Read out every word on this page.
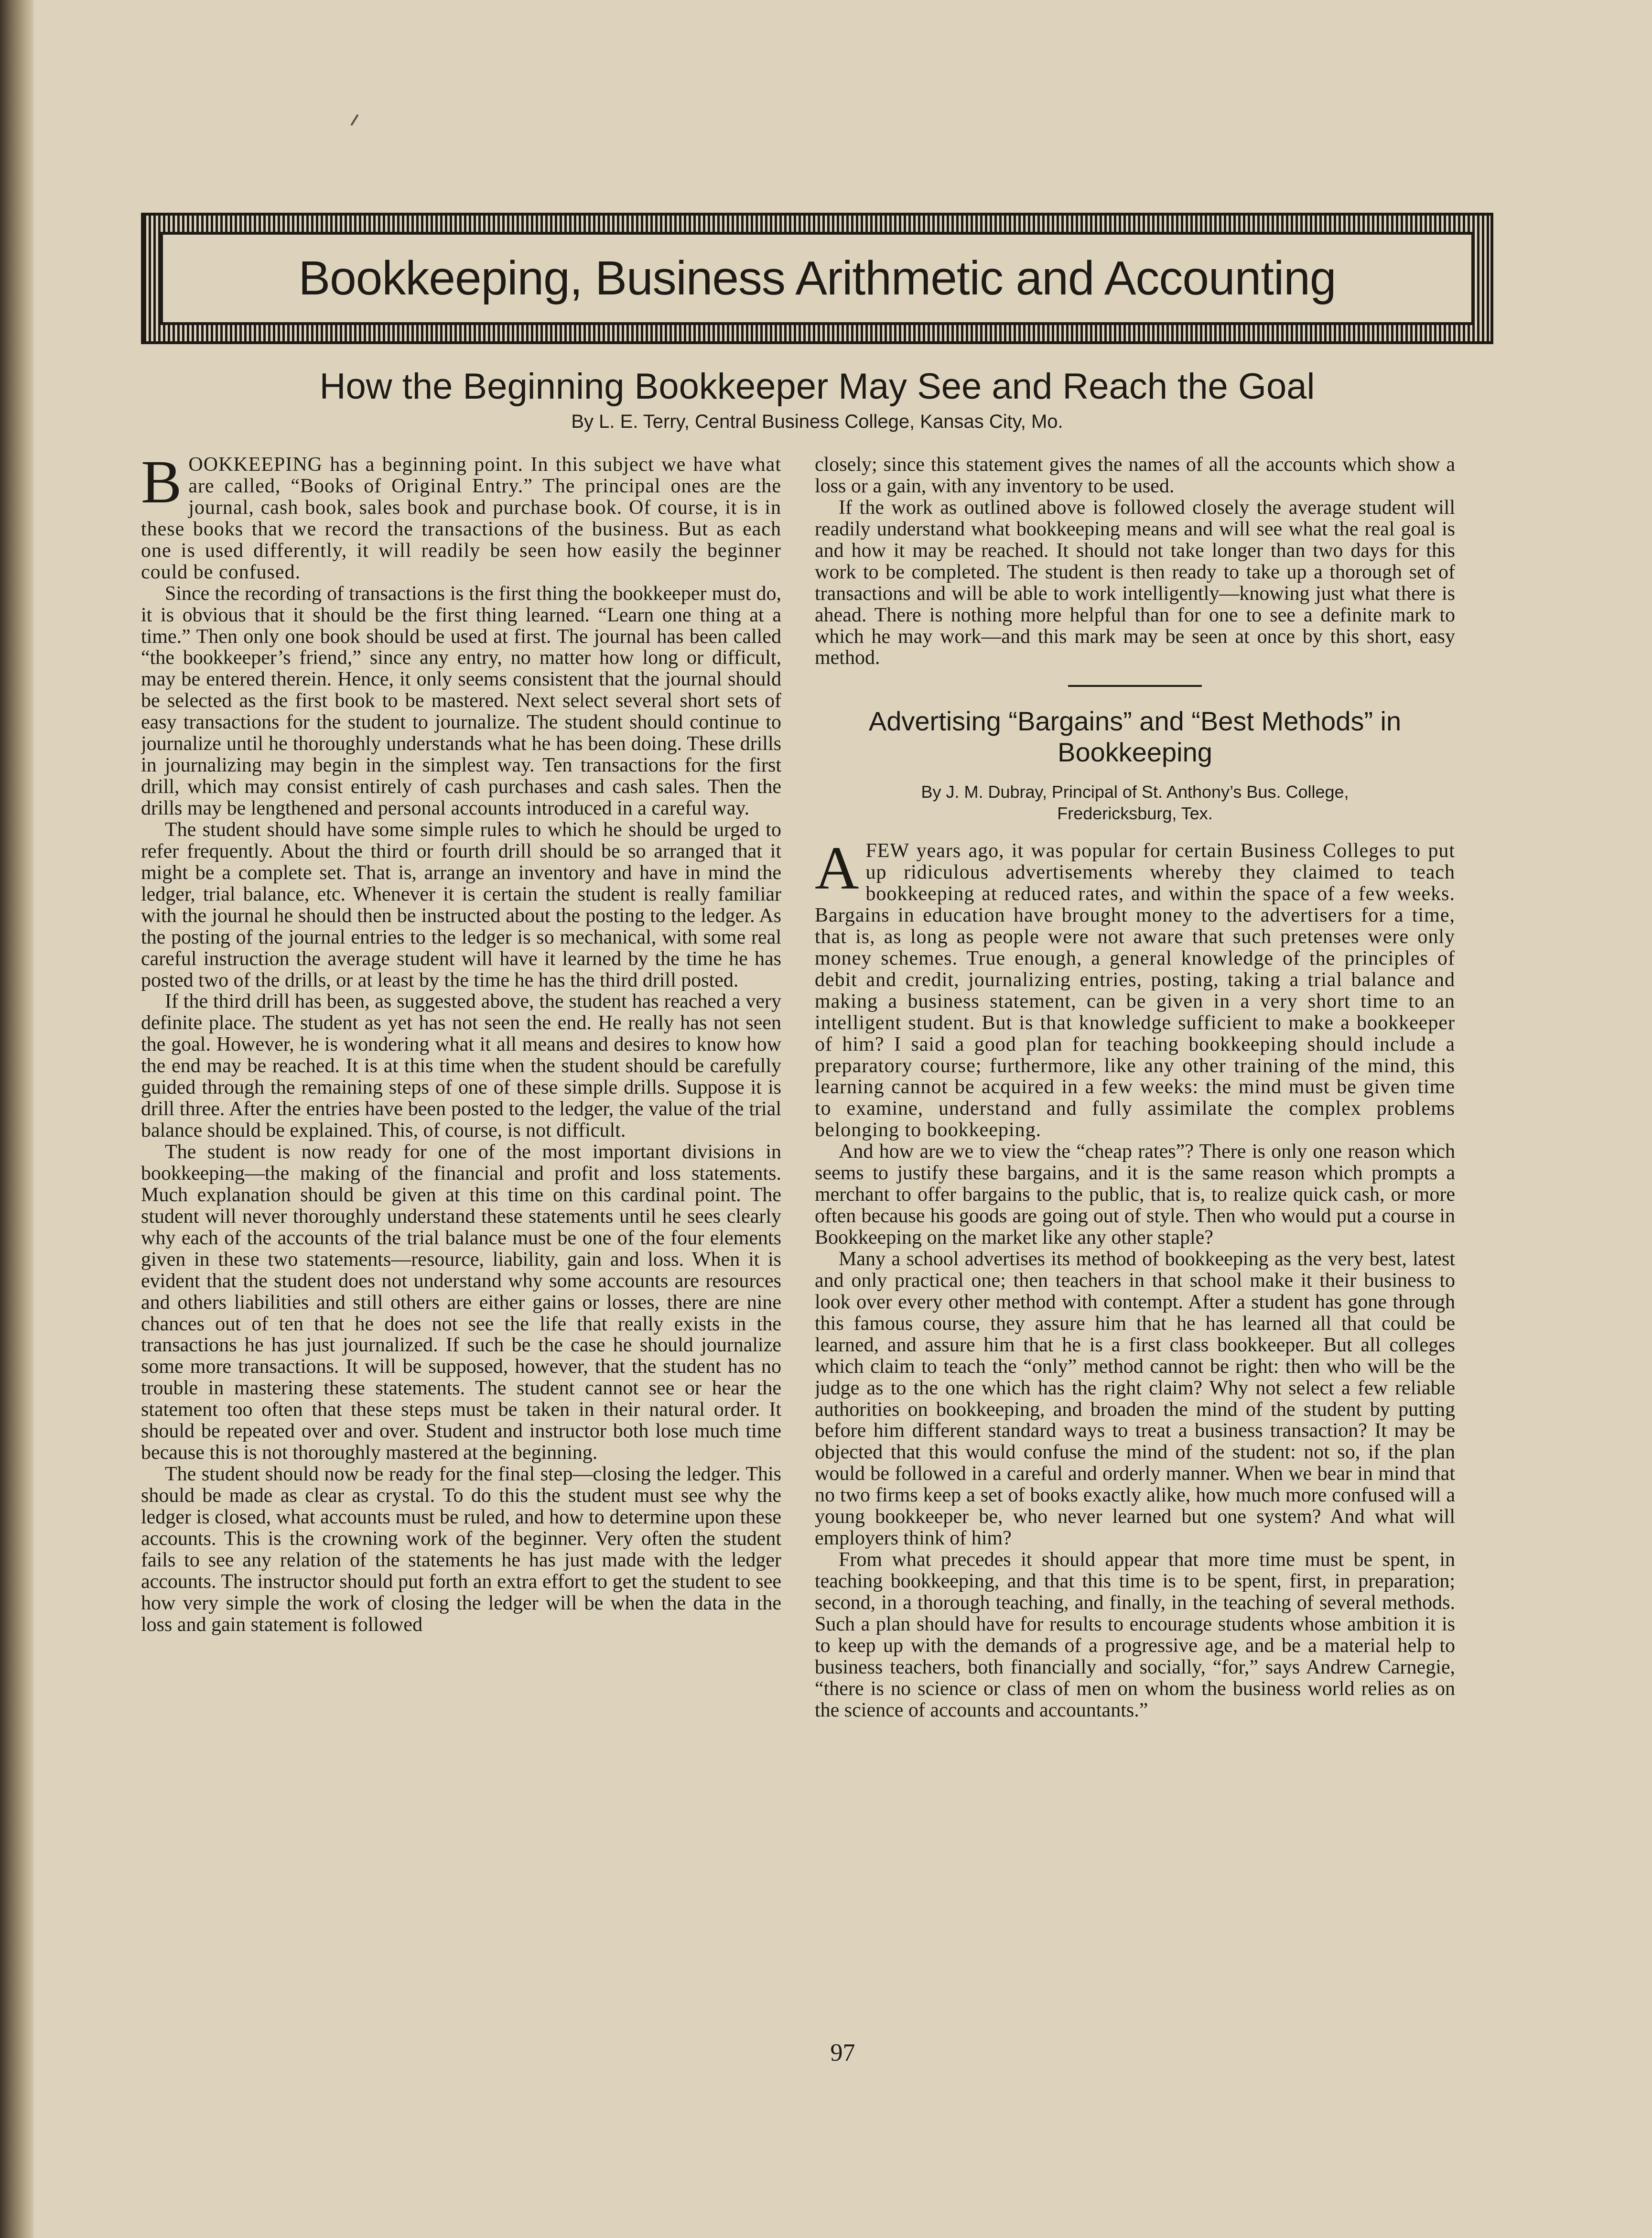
Bookkeeping, Business Arithmetic and Accounting
How the Beginning Bookkeeper May See and Reach the Goal
By L. E. Terry, Central Business College, Kansas City, Mo.

BOOKKEEPING has a beginning point. In this subject we have what are called, “Books of Original Entry.” The principal ones are the journal, cash book, sales book and purchase book. Of course, it is in these books that we record the transactions of the business. But as each one is used differently, it will readily be seen how easily the beginner could be confused.

Since the recording of transactions is the first thing the bookkeeper must do, it is obvious that it should be the first thing learned. “Learn one thing at a time.” Then only one book should be used at first. The journal has been called “the bookkeeper’s friend,” since any entry, no matter how long or difficult, may be entered therein. Hence, it only seems consistent that the journal should be selected as the first book to be mastered. Next select several short sets of easy transactions for the student to journalize. The student should continue to journalize until he thoroughly understands what he has been doing. These drills in journalizing may begin in the simplest way. Ten transactions for the first drill, which may consist entirely of cash purchases and cash sales. Then the drills may be lengthened and personal accounts introduced in a careful way.

The student should have some simple rules to which he should be urged to refer frequently. About the third or fourth drill should be so arranged that it might be a complete set. That is, arrange an inventory and have in mind the ledger, trial balance, etc. Whenever it is certain the student is really familiar with the journal he should then be instructed about the posting to the ledger. As the posting of the journal entries to the ledger is so mechanical, with some real careful instruction the average student will have it learned by the time he has posted two of the drills, or at least by the time he has the third drill posted.

If the third drill has been, as suggested above, the student has reached a very definite place. The student as yet has not seen the end. He really has not seen the goal. However, he is wondering what it all means and desires to know how the end may be reached. It is at this time when the student should be carefully guided through the remaining steps of one of these simple drills. Suppose it is drill three. After the entries have been posted to the ledger, the value of the trial balance should be explained. This, of course, is not difficult.

The student is now ready for one of the most important divisions in bookkeeping—the making of the financial and profit and loss statements. Much explanation should be given at this time on this cardinal point. The student will never thoroughly understand these statements until he sees clearly why each of the accounts of the trial balance must be one of the four elements given in these two statements—resource, liability, gain and loss. When it is evident that the student does not understand why some accounts are resources and others liabilities and still others are either gains or losses, there are nine chances out of ten that he does not see the life that really exists in the transactions he has just journalized. If such be the case he should journalize some more transactions. It will be supposed, however, that the student has no trouble in mastering these statements. The student cannot see or hear the statement too often that these steps must be taken in their natural order. It should be repeated over and over. Student and instructor both lose much time because this is not thoroughly mastered at the beginning.

The student should now be ready for the final step—closing the ledger. This should be made as clear as crystal. To do this the student must see why the ledger is closed, what accounts must be ruled, and how to determine upon these accounts. This is the crowning work of the beginner. Very often the student fails to see any relation of the statements he has just made with the ledger accounts. The instructor should put forth an extra effort to get the student to see how very simple the work of closing the ledger will be when the data in the loss and gain statement is followed

closely; since this statement gives the names of all the accounts which show a loss or a gain, with any inventory to be used.

If the work as outlined above is followed closely the average student will readily understand what bookkeeping means and will see what the real goal is and how it may be reached. It should not take longer than two days for this work to be completed. The student is then ready to take up a thorough set of transactions and will be able to work intelligently—knowing just what there is ahead. There is nothing more helpful than for one to see a definite mark to which he may work—and this mark may be seen at once by this short, easy method.

Advertising “Bargains” and “Best Methods” in Bookkeeping
By J. M. Dubray, Principal of St. Anthony’s Bus. College,
Fredericksburg, Tex.

AFEW years ago, it was popular for certain Business Colleges to put up ridiculous advertisements whereby they claimed to teach bookkeeping at reduced rates, and within the space of a few weeks. Bargains in education have brought money to the advertisers for a time, that is, as long as people were not aware that such pretenses were only money schemes. True enough, a general knowledge of the principles of debit and credit, journalizing entries, posting, taking a trial balance and making a business statement, can be given in a very short time to an intelligent student. But is that knowledge sufficient to make a bookkeeper of him? I said a good plan for teaching bookkeeping should include a preparatory course; furthermore, like any other training of the mind, this learning cannot be acquired in a few weeks: the mind must be given time to examine, understand and fully assimilate the complex problems belonging to bookkeeping.

And how are we to view the “cheap rates”? There is only one reason which seems to justify these bargains, and it is the same reason which prompts a merchant to offer bargains to the public, that is, to realize quick cash, or more often because his goods are going out of style. Then who would put a course in Bookkeeping on the market like any other staple?

Many a school advertises its method of bookkeeping as the very best, latest and only practical one; then teachers in that school make it their business to look over every other method with contempt. After a student has gone through this famous course, they assure him that he has learned all that could be learned, and assure him that he is a first class bookkeeper. But all colleges which claim to teach the “only” method cannot be right: then who will be the judge as to the one which has the right claim? Why not select a few reliable authorities on bookkeeping, and broaden the mind of the student by putting before him different standard ways to treat a business transaction? It may be objected that this would confuse the mind of the student: not so, if the plan would be followed in a careful and orderly manner. When we bear in mind that no two firms keep a set of books exactly alike, how much more confused will a young bookkeeper be, who never learned but one system? And what will employers think of him?

From what precedes it should appear that more time must be spent, in teaching bookkeeping, and that this time is to be spent, first, in preparation; second, in a thorough teaching, and finally, in the teaching of several methods. Such a plan should have for results to encourage students whose ambition it is to keep up with the demands of a progressive age, and be a material help to business teachers, both financially and socially, “for,” says Andrew Carnegie, “there is no science or class of men on whom the business world relies as on the science of accounts and accountants.”

97
